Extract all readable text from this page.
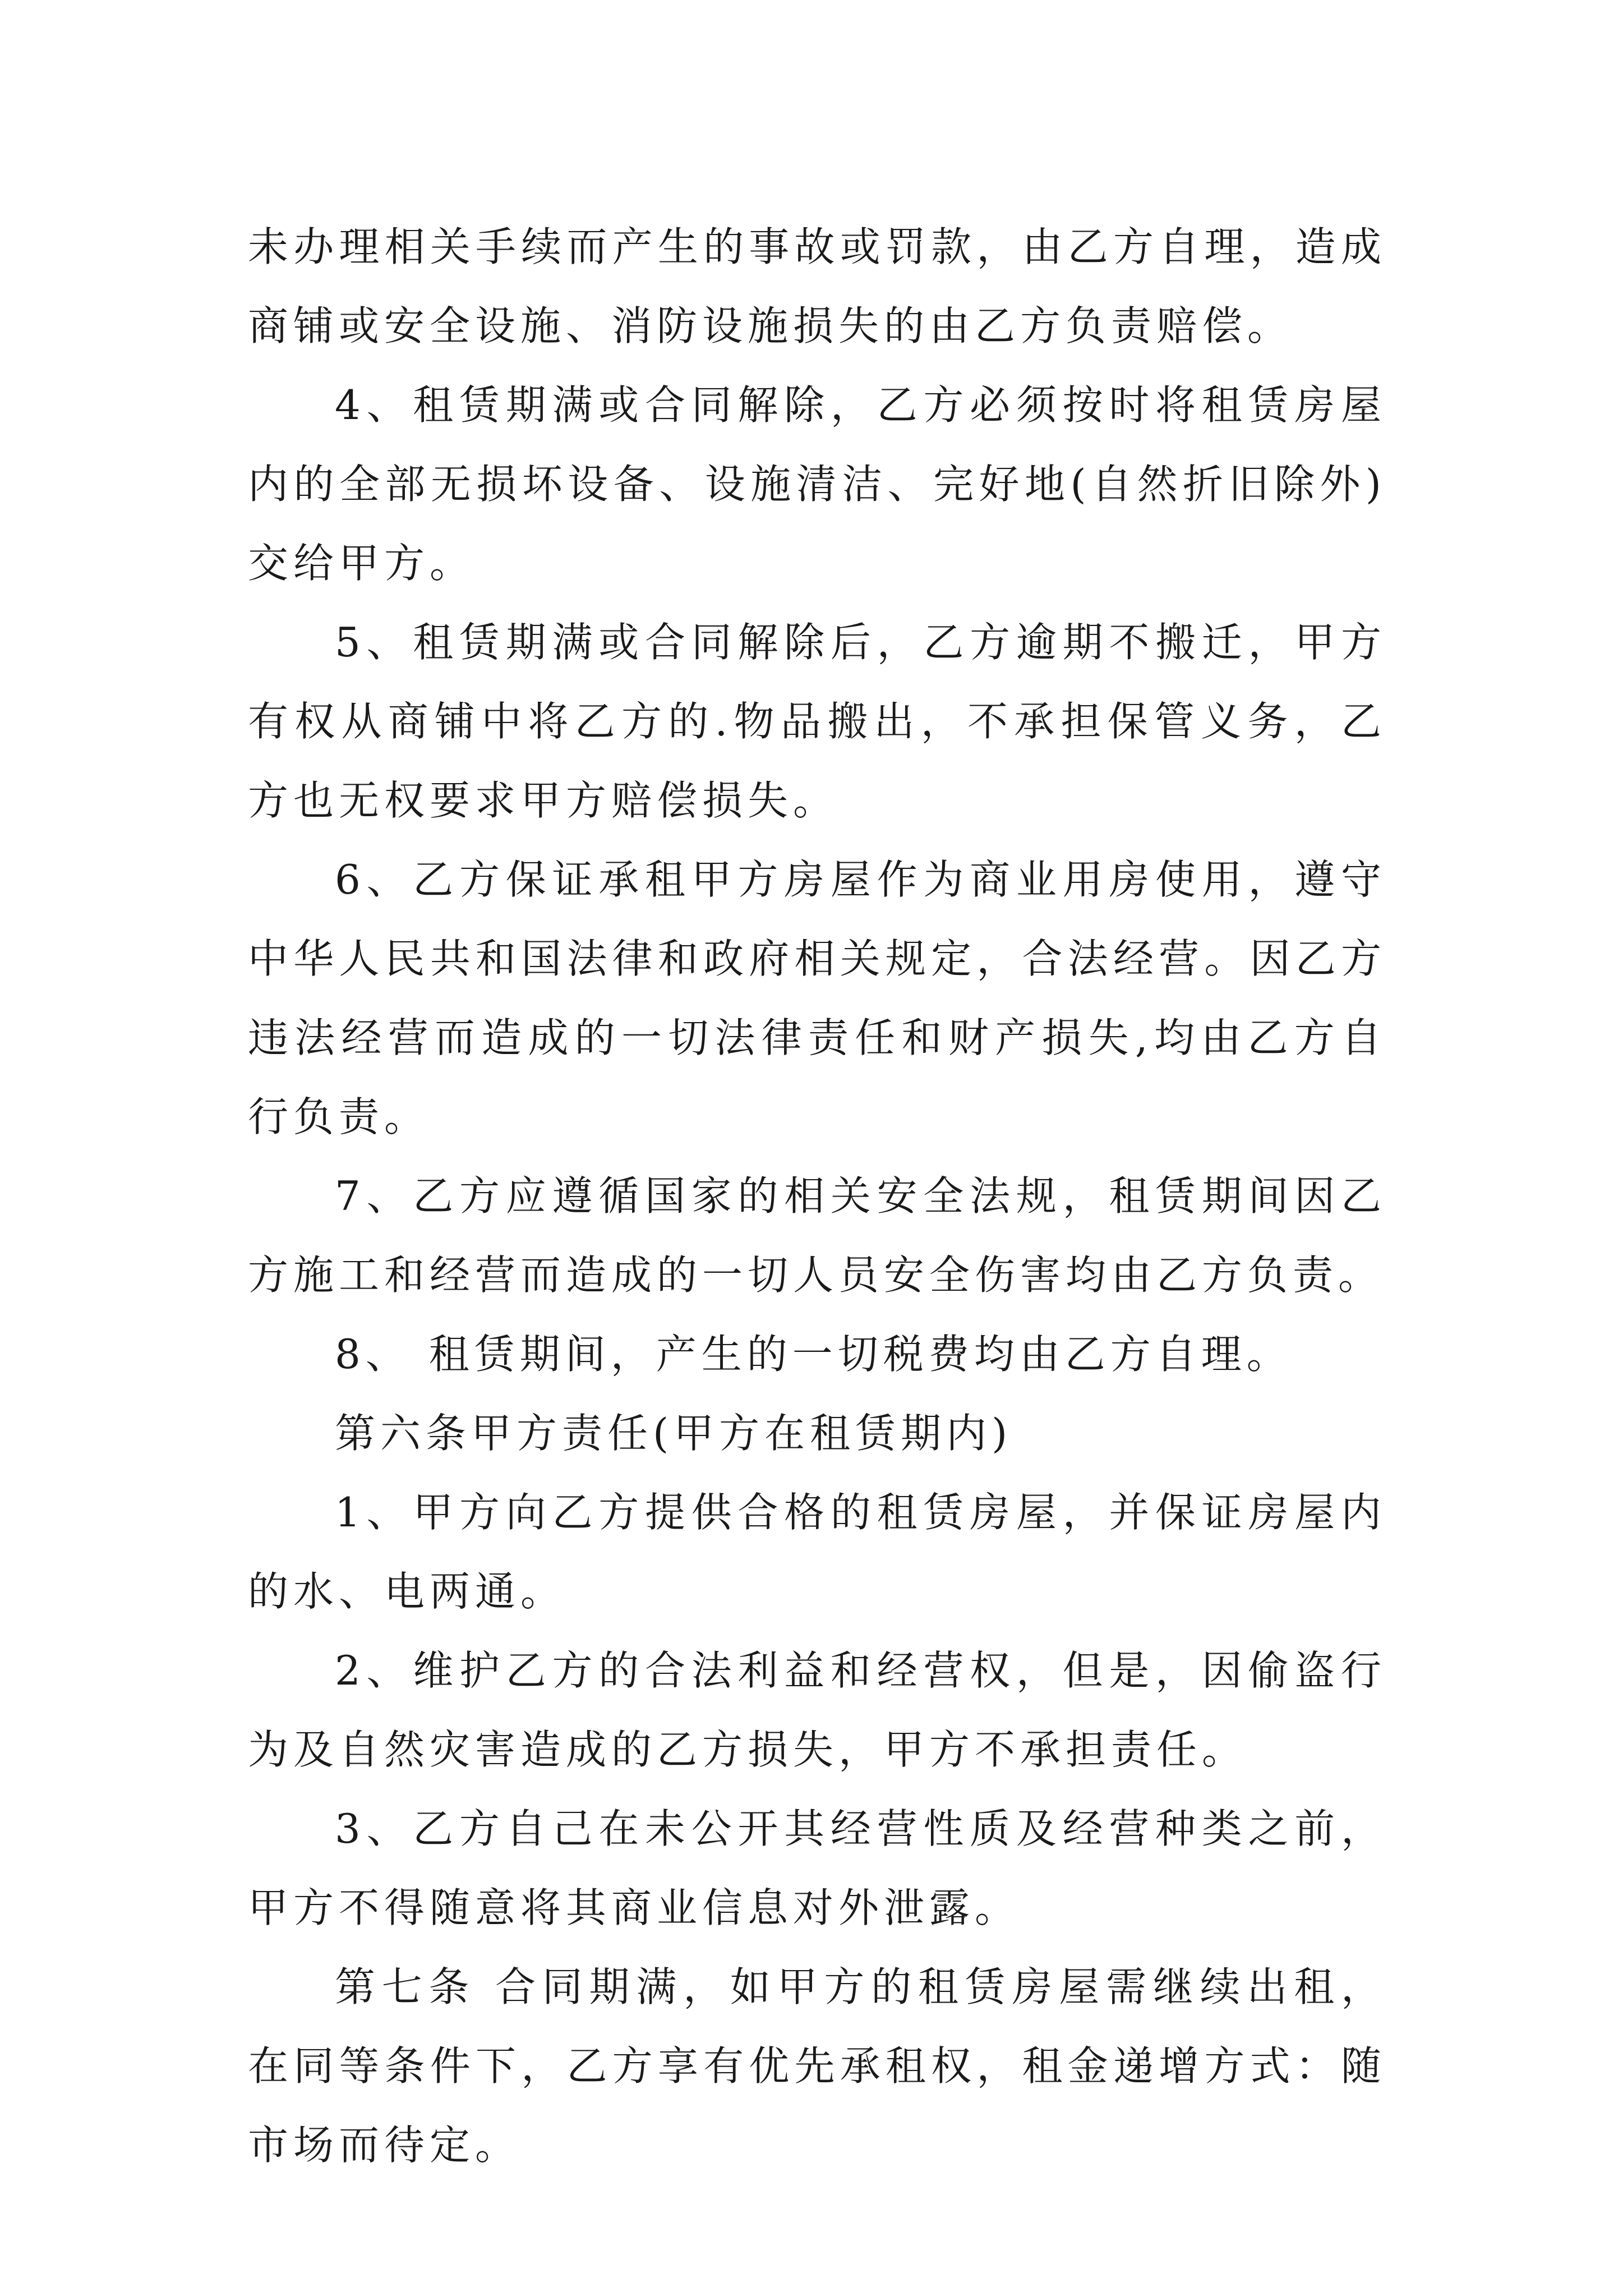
未办理相关手续而产生的事故或罚款，由乙方自理，造成商铺或安全设施、消防设施损失的由乙方负责赔偿。

4、租赁期满或合同解除，乙方必须按时将租赁房屋内的全部无损坏设备、设施清洁、完好地(自然折旧除外)交给甲方。

5、租赁期满或合同解除后，乙方逾期不搬迁，甲方有权从商铺中将乙方的.物品搬出，不承担保管义务，乙方也无权要求甲方赔偿损失。

6、乙方保证承租甲方房屋作为商业用房使用，遵守中华人民共和国法律和政府相关规定，合法经营。因乙方违法经营而造成的一切法律责任和财产损失,均由乙方自行负责。

7、乙方应遵循国家的相关安全法规，租赁期间因乙方施工和经营而造成的一切人员安全伤害均由乙方负责。

8、 租赁期间，产生的一切税费均由乙方自理。

第六条甲方责任(甲方在租赁期内)

1、甲方向乙方提供合格的租赁房屋，并保证房屋内的水、电两通。

2、维护乙方的合法利益和经营权，但是，因偷盗行为及自然灾害造成的乙方损失，甲方不承担责任。

3、乙方自己在未公开其经营性质及经营种类之前，甲方不得随意将其商业信息对外泄露。

第七条 合同期满，如甲方的租赁房屋需继续出租，在同等条件下，乙方享有优先承租权，租金递增方式：随市场而待定。
